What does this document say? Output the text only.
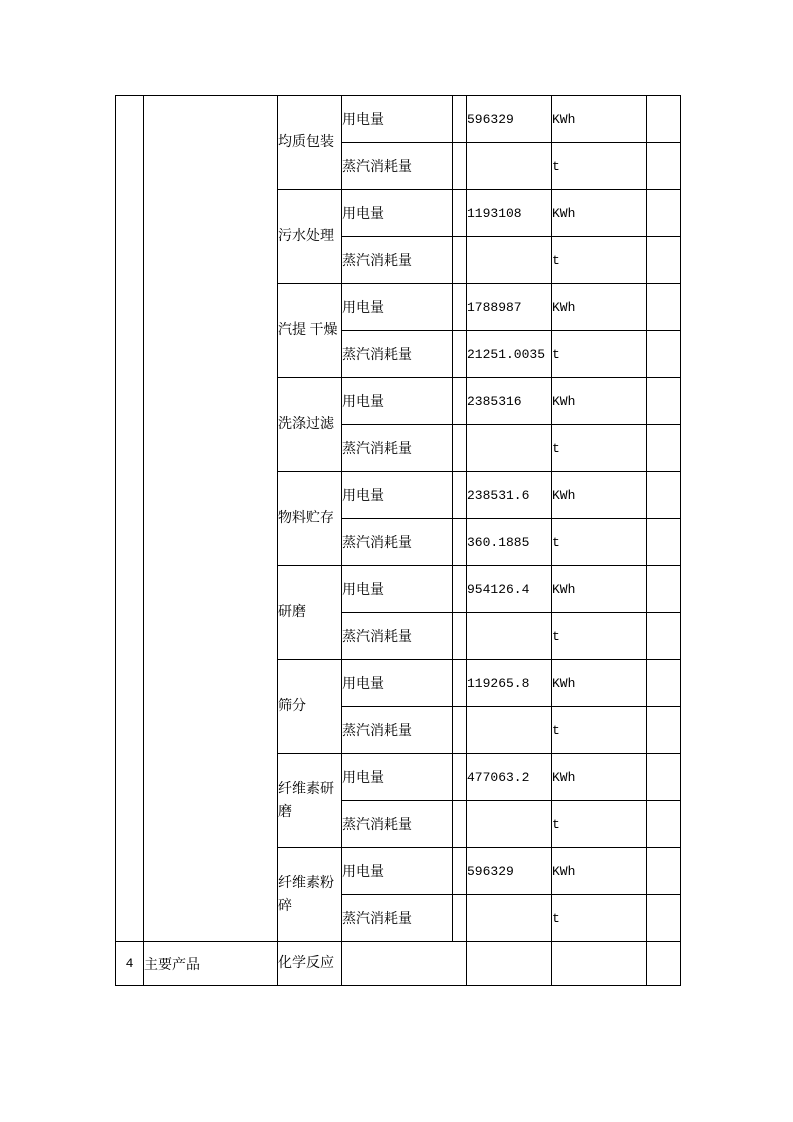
		均质包装	用电量		596329	KWh	
			蒸汽消耗量			t	
		污水处理	用电量		1193108	KWh	
			蒸汽消耗量			t	
		汽提 干燥	用电量		1788987	KWh	
			蒸汽消耗量		21251.0035	t	
		洗涤过滤	用电量		2385316	KWh	
			蒸汽消耗量			t	
		物料贮存	用电量		238531.6	KWh	
			蒸汽消耗量		360.1885	t	
		研磨	用电量		954126.4	KWh	
			蒸汽消耗量			t	
		筛分	用电量		119265.8	KWh	
			蒸汽消耗量			t	
		纤维素研磨	用电量		477063.2	KWh	
			蒸汽消耗量			t	
		纤维素粉碎	用电量		596329	KWh	
			蒸汽消耗量			t	
4	主要产品	化学反应					
